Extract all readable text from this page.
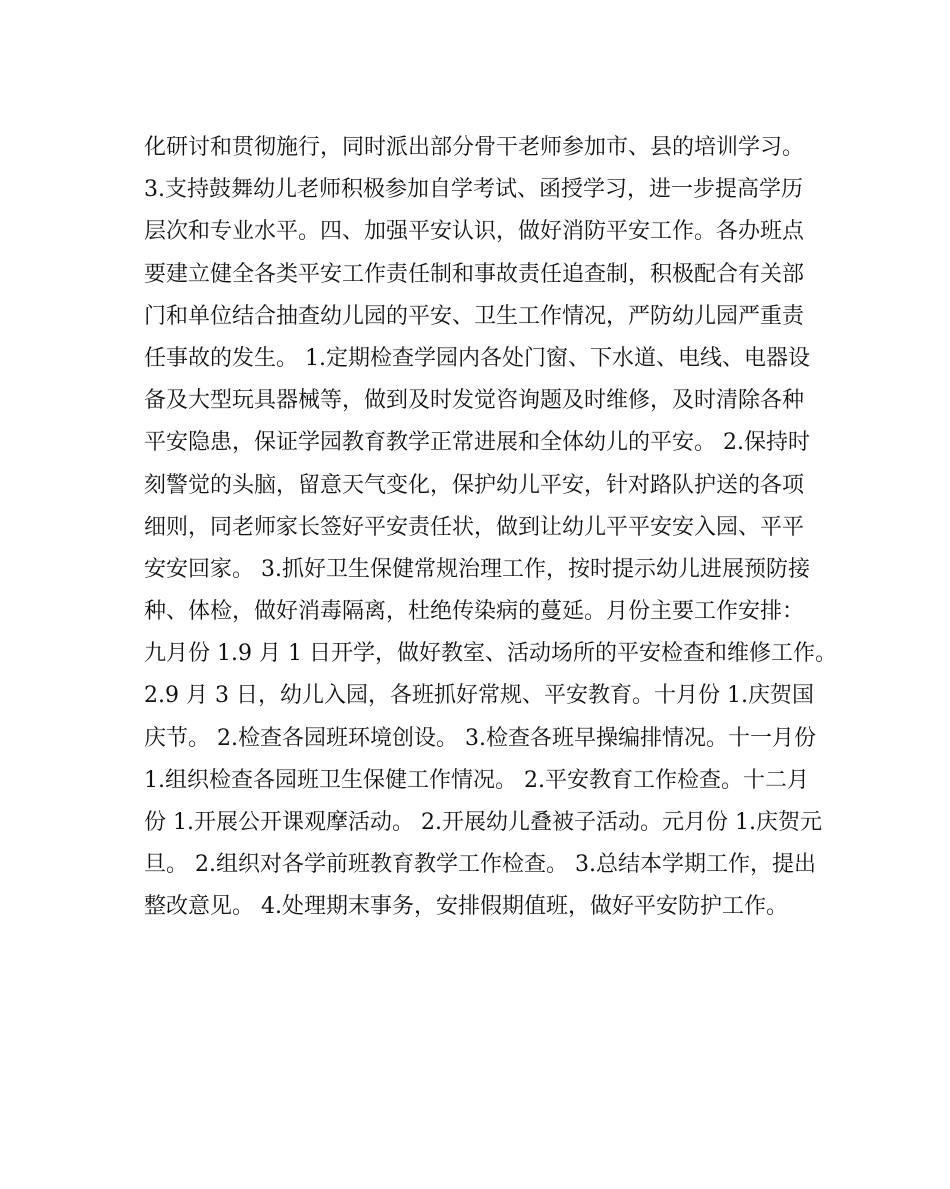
化研讨和贯彻施行，同时派出部分骨干老师参加市、县的培训学习。
3.支持鼓舞幼儿老师积极参加自学考试、函授学习，进一步提高学历
层次和专业水平。四、加强平安认识，做好消防平安工作。各办班点
要建立健全各类平安工作责任制和事故责任追查制，积极配合有关部
门和单位结合抽查幼儿园的平安、卫生工作情况，严防幼儿园严重责
任事故的发生。 1.定期检查学园内各处门窗、下水道、电线、电器设
备及大型玩具器械等，做到及时发觉咨询题及时维修，及时清除各种
平安隐患，保证学园教育教学正常进展和全体幼儿的平安。 2.保持时
刻警觉的头脑，留意天气变化，保护幼儿平安，针对路队护送的各项
细则，同老师家长签好平安责任状，做到让幼儿平平安安入园、平平
安安回家。 3.抓好卫生保健常规治理工作，按时提示幼儿进展预防接
种、体检，做好消毒隔离，杜绝传染病的蔓延。月份主要工作安排：
九月份 1.9 月 1 日开学，做好教室、活动场所的平安检查和维修工作。
2.9 月 3 日，幼儿入园，各班抓好常规、平安教育。十月份 1.庆贺国
庆节。 2.检查各园班环境创设。 3.检查各班早操编排情况。十一月份
1.组织检查各园班卫生保健工作情况。 2.平安教育工作检查。十二月
份 1.开展公开课观摩活动。 2.开展幼儿叠被子活动。元月份 1.庆贺元
旦。 2.组织对各学前班教育教学工作检查。 3.总结本学期工作，提出
整改意见。 4.处理期末事务，安排假期值班，做好平安防护工作。
